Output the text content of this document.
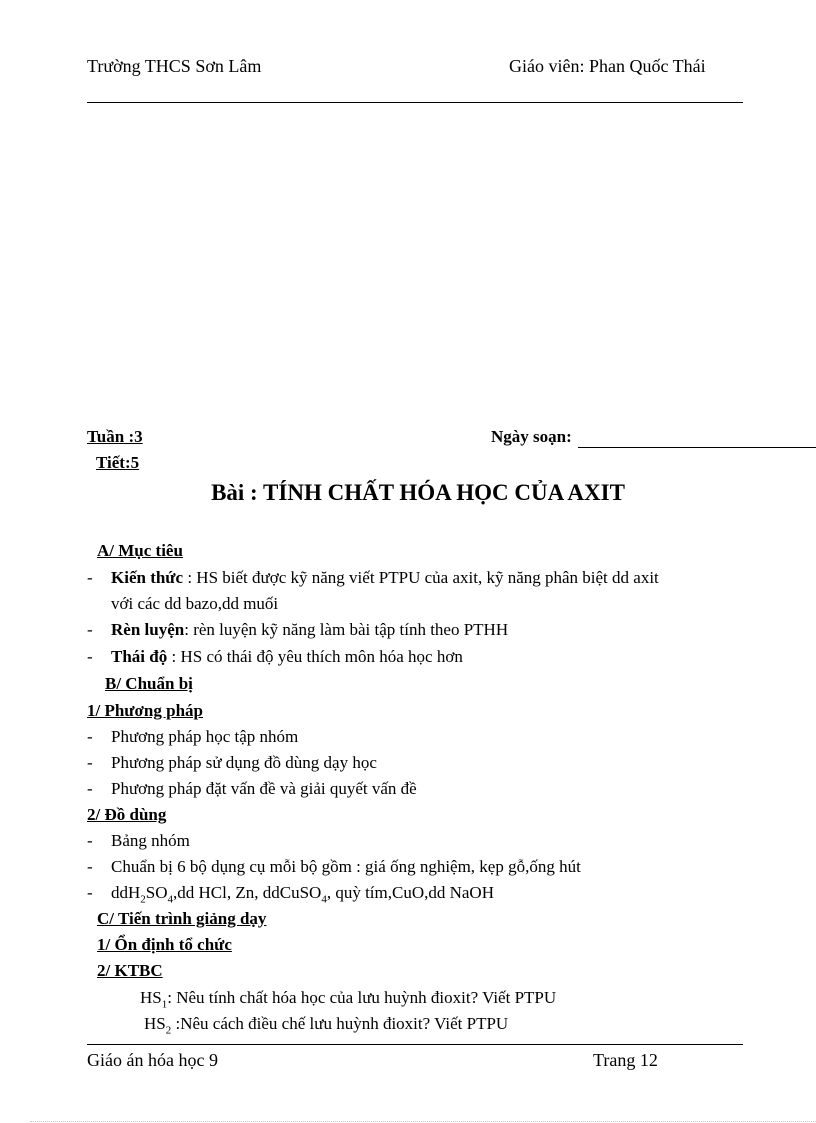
Trường THCS Sơn Lâm	Giáo viên: Phan Quốc Thái
Tuần :3	Ngày soạn:
Tiết:5
Bài : TÍNH CHẤT HÓA HỌC CỦA AXIT
A/ Mục tiêu
- Kiến thức : HS biết được kỹ năng viết PTPU của axit, kỹ năng phân biệt dd axit
với các dd bazo,dd muối
- Rèn luyện: rèn luyện kỹ năng làm bài tập tính theo PTHH
- Thái độ : HS có thái độ yêu thích môn hóa học hơn
B/ Chuẩn bị
1/ Phương pháp
- Phương pháp học tập nhóm
- Phương pháp sử dụng đồ dùng dạy học
- Phương pháp đặt vấn đề và giải quyết vấn đề
2/ Đồ dùng
- Bảng nhóm
- Chuẩn bị 6 bộ dụng cụ mỗi bộ gồm : giá ống nghiệm, kẹp gỗ,ống hút
- $ddH_2SO_4,dd$ HCl, Zn, ddCuSO$_4$, quỳ tím,CuO,dd NaOH
C/ Tiến trình giảng dạy
1/ Ổn định tổ chức
2/ KTBC
$HS_1$: Nêu tính chất hóa học của lưu huỳnh đioxit? Viết PTPU
$HS_2$ :Nêu cách điều chế lưu huỳnh đioxit? Viết PTPU
Giáo án hóa học 9	Trang 12
